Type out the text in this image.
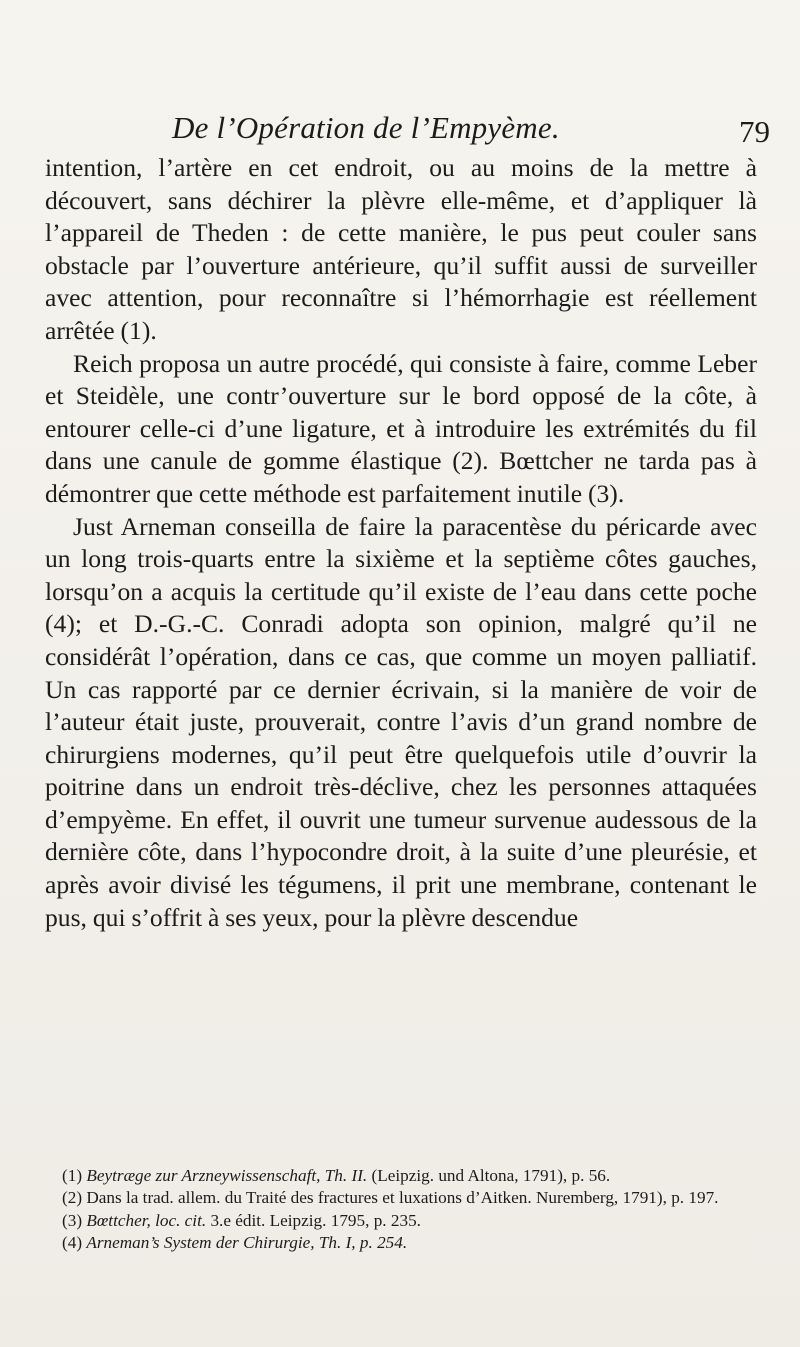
De l’Opération de l’Empyème.	79

intention, l’artère en cet endroit, ou au moins de la mettre à découvert, sans déchirer la plèvre elle-même, et d’appliquer là l’appareil de Theden : de cette manière, le pus peut couler sans obstacle par l’ouverture antérieure, qu’il suffit aussi de surveiller avec attention, pour reconnaître si l’hémorrhagie est réellement arrêtée (1).

Reich proposa un autre procédé, qui consiste à faire, comme Leber et Steidèle, une contr’ouverture sur le bord opposé de la côte, à entourer celle-ci d’une ligature, et à introduire les extrémités du fil dans une canule de gomme élastique (2). Bœttcher ne tarda pas à démontrer que cette méthode est parfaitement inutile (3).

Just Arneman conseilla de faire la paracentèse du péricarde avec un long trois-quarts entre la sixième et la septième côtes gauches, lorsqu’on a acquis la certitude qu’il existe de l’eau dans cette poche (4); et D.-G.-C. Conradi adopta son opinion, malgré qu’il ne considérât l’opération, dans ce cas, que comme un moyen palliatif. Un cas rapporté par ce dernier écrivain, si la manière de voir de l’auteur était juste, prouverait, contre l’avis d’un grand nombre de chirurgiens modernes, qu’il peut être quelquefois utile d’ouvrir la poitrine dans un endroit très-déclive, chez les personnes attaquées d’empyème. En effet, il ouvrit une tumeur survenue audessous de la dernière côte, dans l’hypocondre droit, à la suite d’une pleurésie, et après avoir divisé les tégumens, il prit une membrane, contenant le pus, qui s’offrit à ses yeux, pour la plèvre descendue

(1) Beytræge zur Arzneywissenschaft, Th. II. (Leipzig. und Altona, 1791), p. 56.

(2) Dans la trad. allem. du Traité des fractures et luxations d’Aitken. Nuremberg, 1791), p. 197.

(3) Bœttcher, loc. cit. 3.e édit. Leipzig. 1795, p. 235.

(4) Arneman’s System der Chirurgie, Th. I, p. 254.
